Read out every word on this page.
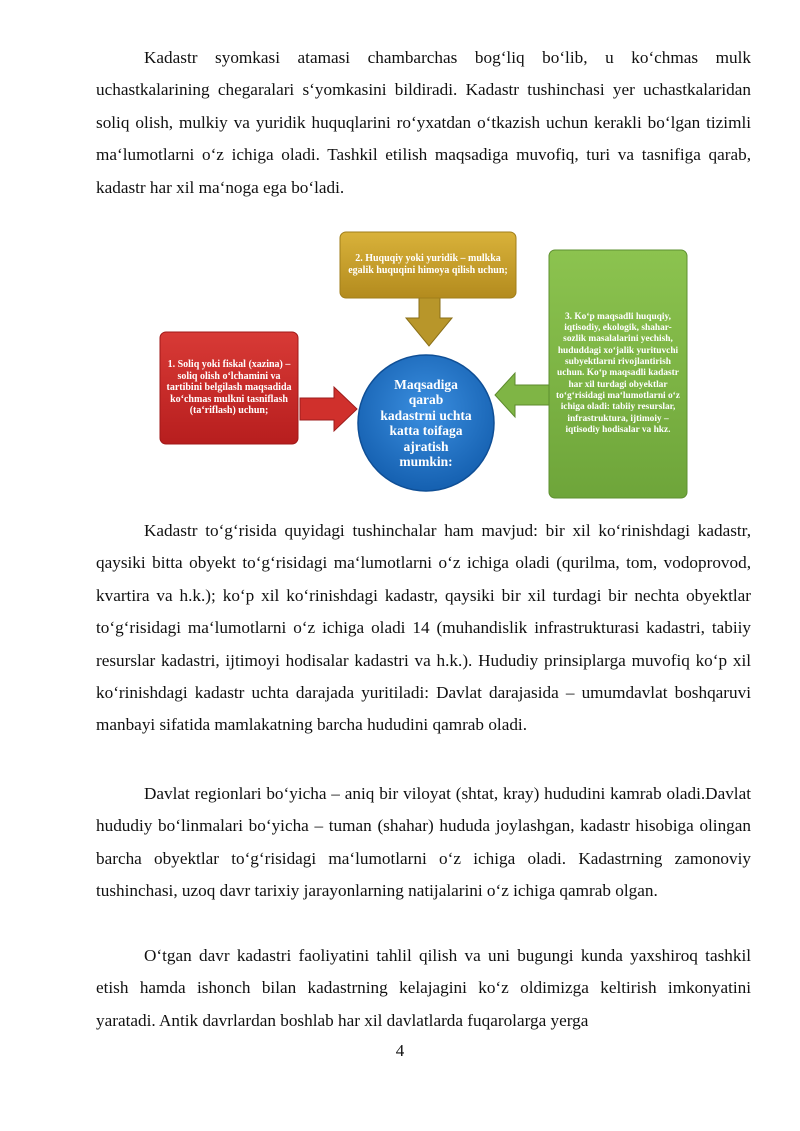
Kadastr syomkasi atamasi chambarchas bog‘liq bo‘lib, u ko‘chmas mulk uchastkalarining chegaralari s‘yomkasini bildiradi. Kadastr tushinchasi yer uchastkalaridan soliq olish, mulkiy va yuridik huquqlarini ro‘yxatdan o‘tkazish uchun kerakli bo‘lgan tizimli ma‘lumotlarni o‘z ichiga oladi. Tashkil etilish maqsadiga muvofiq, turi va tasnifiga qarab, kadastr har xil ma‘noga ega bo‘ladi.

2. Huquqiy yoki yuridik – mulkka egalik huquqini himoya qilish uchun;
1. Soliq yoki fiskal (xazina) – soliq olish o‘lchamini va tartibini belgilash maqsadida ko‘chmas mulkni tasniflash (ta‘riflash) uchun;
3. Ko‘p maqsadli huquqiy, iqtisodiy, ekologik, shahar-sozlik masalalarini yechish, hududdagi xo‘jalik yurituvchi subyektlarni rivojlantirish uchun. Ko‘p maqsadli kadastr har xil turdagi obyektlar to‘g‘risidagi ma‘lumotlarni o‘z ichiga oladi: tabiiy resurslar, infrastruktura, ijtimoiy – iqtisodiy hodisalar va hkz.
Maqsadiga qarab kadastrni uchta katta toifaga ajratish mumkin:

Kadastr to‘g‘risida quyidagi tushinchalar ham mavjud: bir xil ko‘rinishdagi kadastr, qaysiki bitta obyekt to‘g‘risidagi ma‘lumotlarni o‘z ichiga oladi (qurilma, tom, vodoprovod, kvartira va h.k.); ko‘p xil ko‘rinishdagi kadastr, qaysiki bir xil turdagi bir nechta obyektlar to‘g‘risidagi ma‘lumotlarni o‘z ichiga oladi 14 (muhandislik infrastrukturasi kadastri, tabiiy resurslar kadastri, ijtimoyi hodisalar kadastri va h.k.). Hududiy prinsiplarga muvofiq ko‘p xil ko‘rinishdagi kadastr uchta darajada yuritiladi: Davlat darajasida – umumdavlat boshqaruvi manbayi sifatida mamlakatning barcha hududini qamrab oladi.

Davlat regionlari bo‘yicha – aniq bir viloyat (shtat, kray) hududini kamrab oladi.Davlat hududiy bo‘linmalari bo‘yicha – tuman (shahar) hududa joylashgan, kadastr hisobiga olingan barcha obyektlar to‘g‘risidagi ma‘lumotlarni o‘z ichiga oladi. Kadastrning zamonoviy tushinchasi, uzoq davr tarixiy jarayonlarning natijalarini o‘z ichiga qamrab olgan.

O‘tgan davr kadastri faoliyatini tahlil qilish va uni bugungi kunda yaxshiroq tashkil etish hamda ishonch bilan kadastrning kelajagini ko‘z oldimizga keltirish imkonyatini yaratadi. Antik davrlardan boshlab har xil davlatlarda fuqarolarga yerga

4
